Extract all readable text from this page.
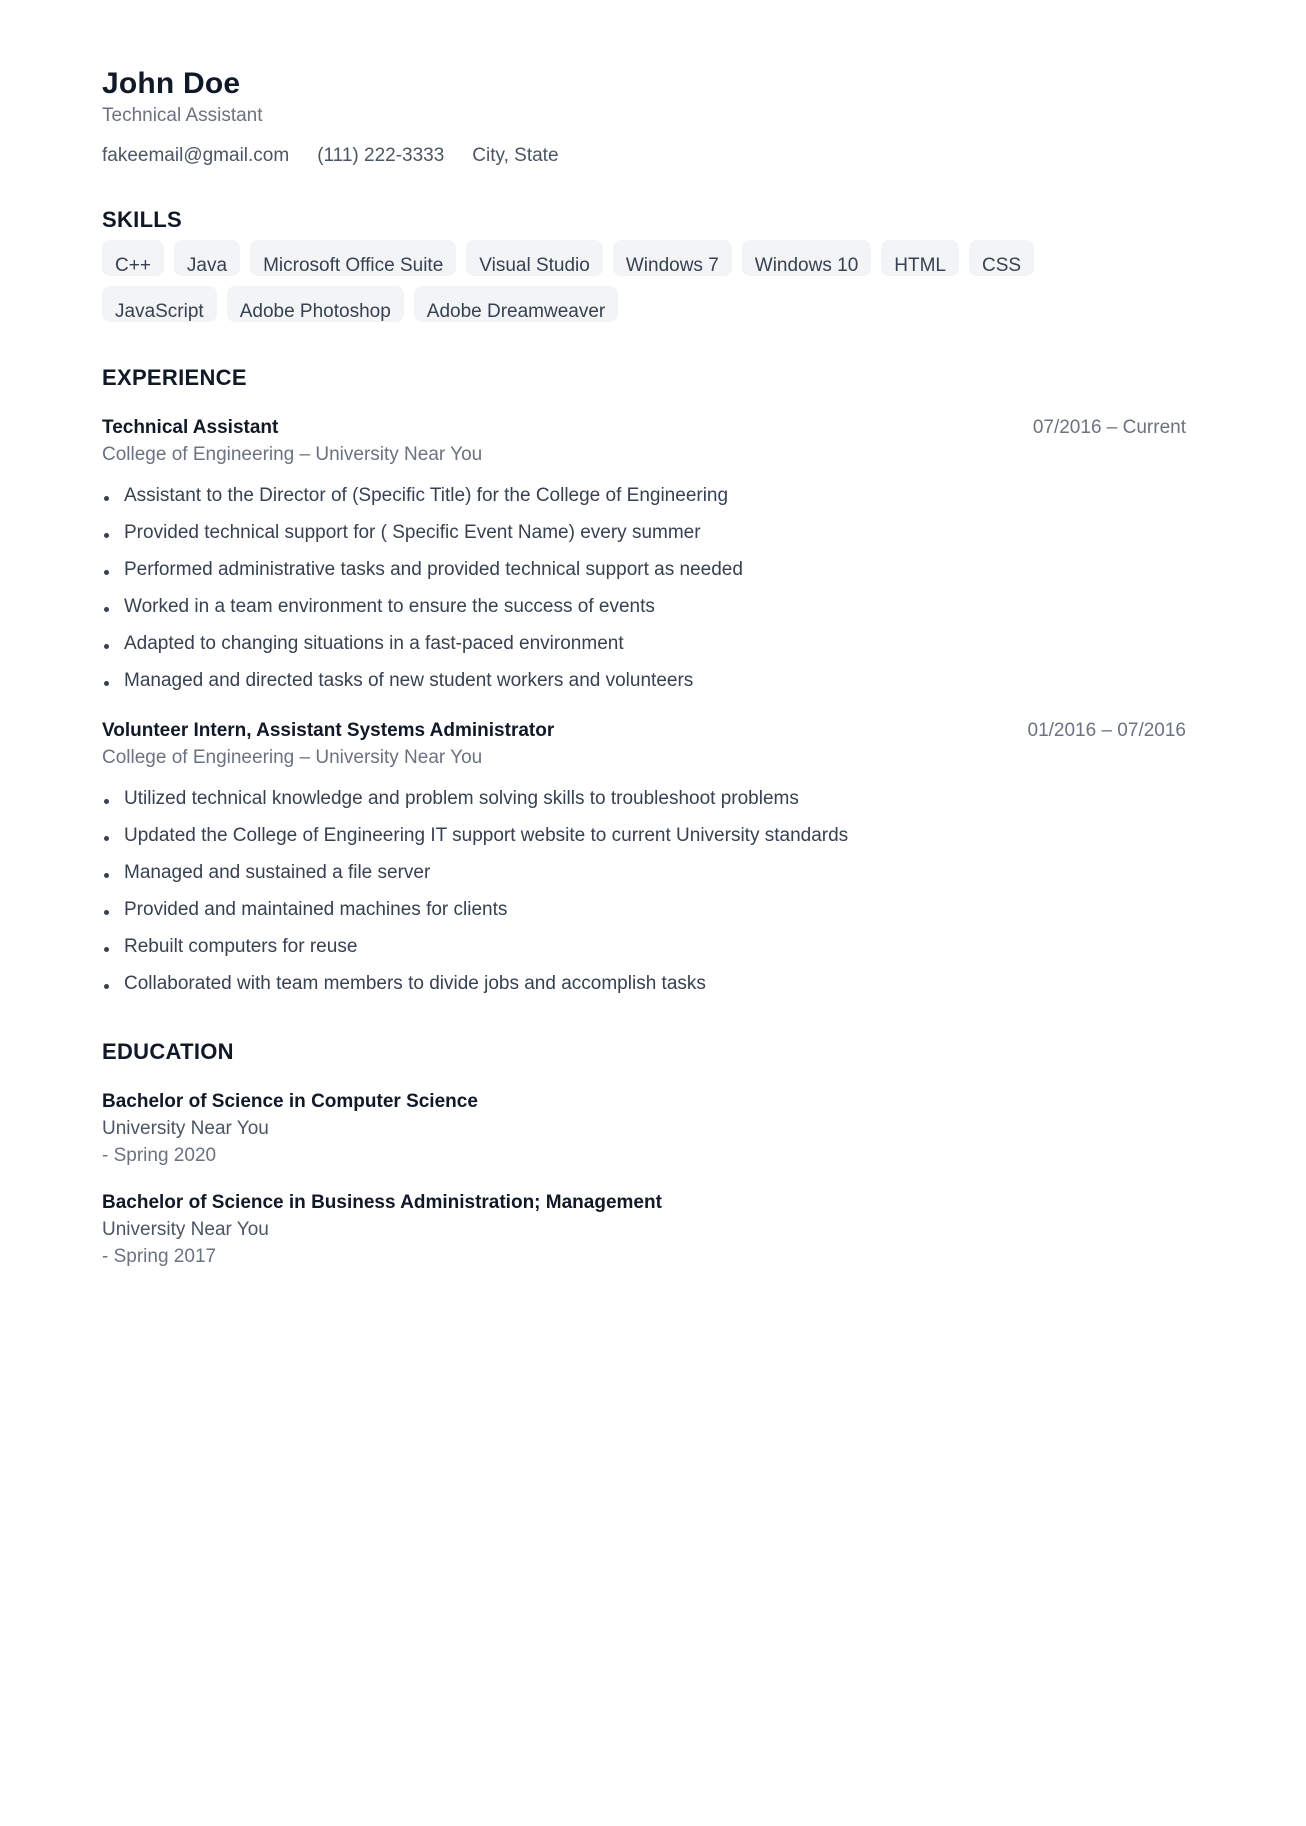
John Doe
Technical Assistant
fakeemail@gmail.com (111) 222-3333 City, State
SKILLS
C++	Java	Microsoft Office Suite	Visual Studio	Windows 7	Windows 10	HTML	CSS
JavaScript	Adobe Photoshop	Adobe Dreamweaver
EXPERIENCE
Technical Assistant	07/2016 – Current
College of Engineering – University Near You
Assistant to the Director of (Specific Title) for the College of Engineering
Provided technical support for ( Specific Event Name) every summer
Performed administrative tasks and provided technical support as needed
Worked in a team environment to ensure the success of events
Adapted to changing situations in a fast-paced environment
Managed and directed tasks of new student workers and volunteers
Volunteer Intern, Assistant Systems Administrator	01/2016 – 07/2016
College of Engineering – University Near You
Utilized technical knowledge and problem solving skills to troubleshoot problems
Updated the College of Engineering IT support website to current University standards
Managed and sustained a file server
Provided and maintained machines for clients
Rebuilt computers for reuse
Collaborated with team members to divide jobs and accomplish tasks
EDUCATION
Bachelor of Science in Computer Science
University Near You
- Spring 2020
Bachelor of Science in Business Administration; Management
University Near You
- Spring 2017
